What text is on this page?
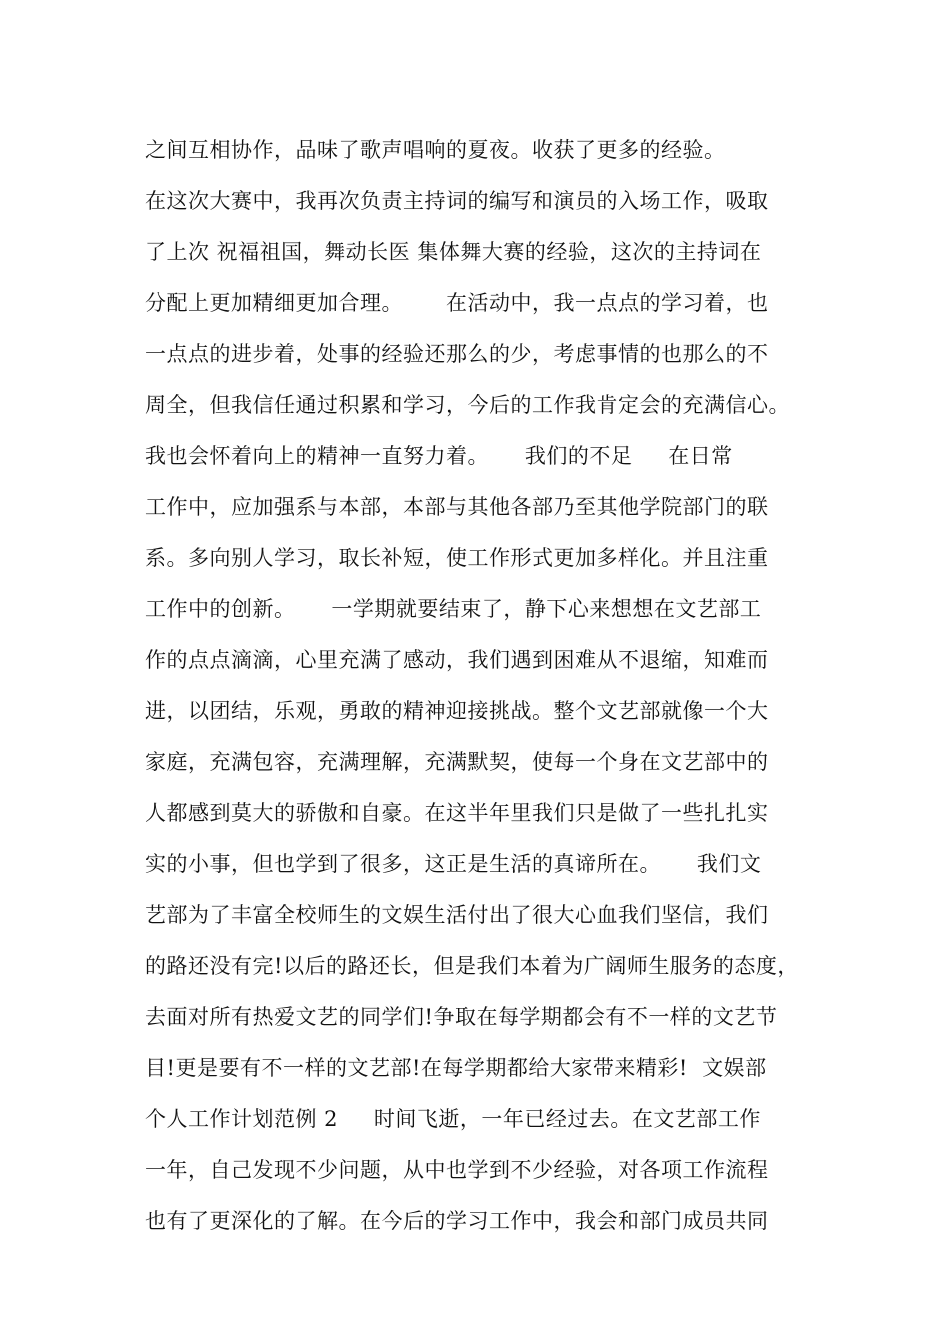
之间互相协作，品味了歌声唱响的夏夜。收获了更多的经验。
在这次大赛中，我再次负责主持词的编写和演员的入场工作，吸取
了上次 祝福祖国，舞动长医 集体舞大赛的经验，这次的主持词在
分配上更加精细更加合理。      在活动中，我一点点的学习着，也
一点点的进步着，处事的经验还那么的少，考虑事情的也那么的不
周全，但我信任通过积累和学习，今后的工作我肯定会的充满信心。
我也会怀着向上的精神一直努力着。     我们的不足     在日常
工作中，应加强系与本部，本部与其他各部乃至其他学院部门的联
系。多向别人学习，取长补短，使工作形式更加多样化。并且注重
工作中的创新。     一学期就要结束了，静下心来想想在文艺部工
作的点点滴滴，心里充满了感动，我们遇到困难从不退缩，知难而
进，以团结，乐观，勇敢的精神迎接挑战。整个文艺部就像一个大
家庭，充满包容，充满理解，充满默契，使每一个身在文艺部中的
人都感到莫大的骄傲和自豪。在这半年里我们只是做了一些扎扎实
实的小事，但也学到了很多，这正是生活的真谛所在。     我们文
艺部为了丰富全校师生的文娱生活付出了很大心血我们坚信，我们
的路还没有完!以后的路还长，但是我们本着为广阔师生服务的态度，
去面对所有热爱文艺的同学们!争取在每学期都会有不一样的文艺节
目!更是要有不一样的文艺部!在每学期都给大家带来精彩!  文娱部
个人工作计划范例 2     时间飞逝，一年已经过去。在文艺部工作
一年，自己发现不少问题，从中也学到不少经验，对各项工作流程
也有了更深化的了解。在今后的学习工作中，我会和部门成员共同
